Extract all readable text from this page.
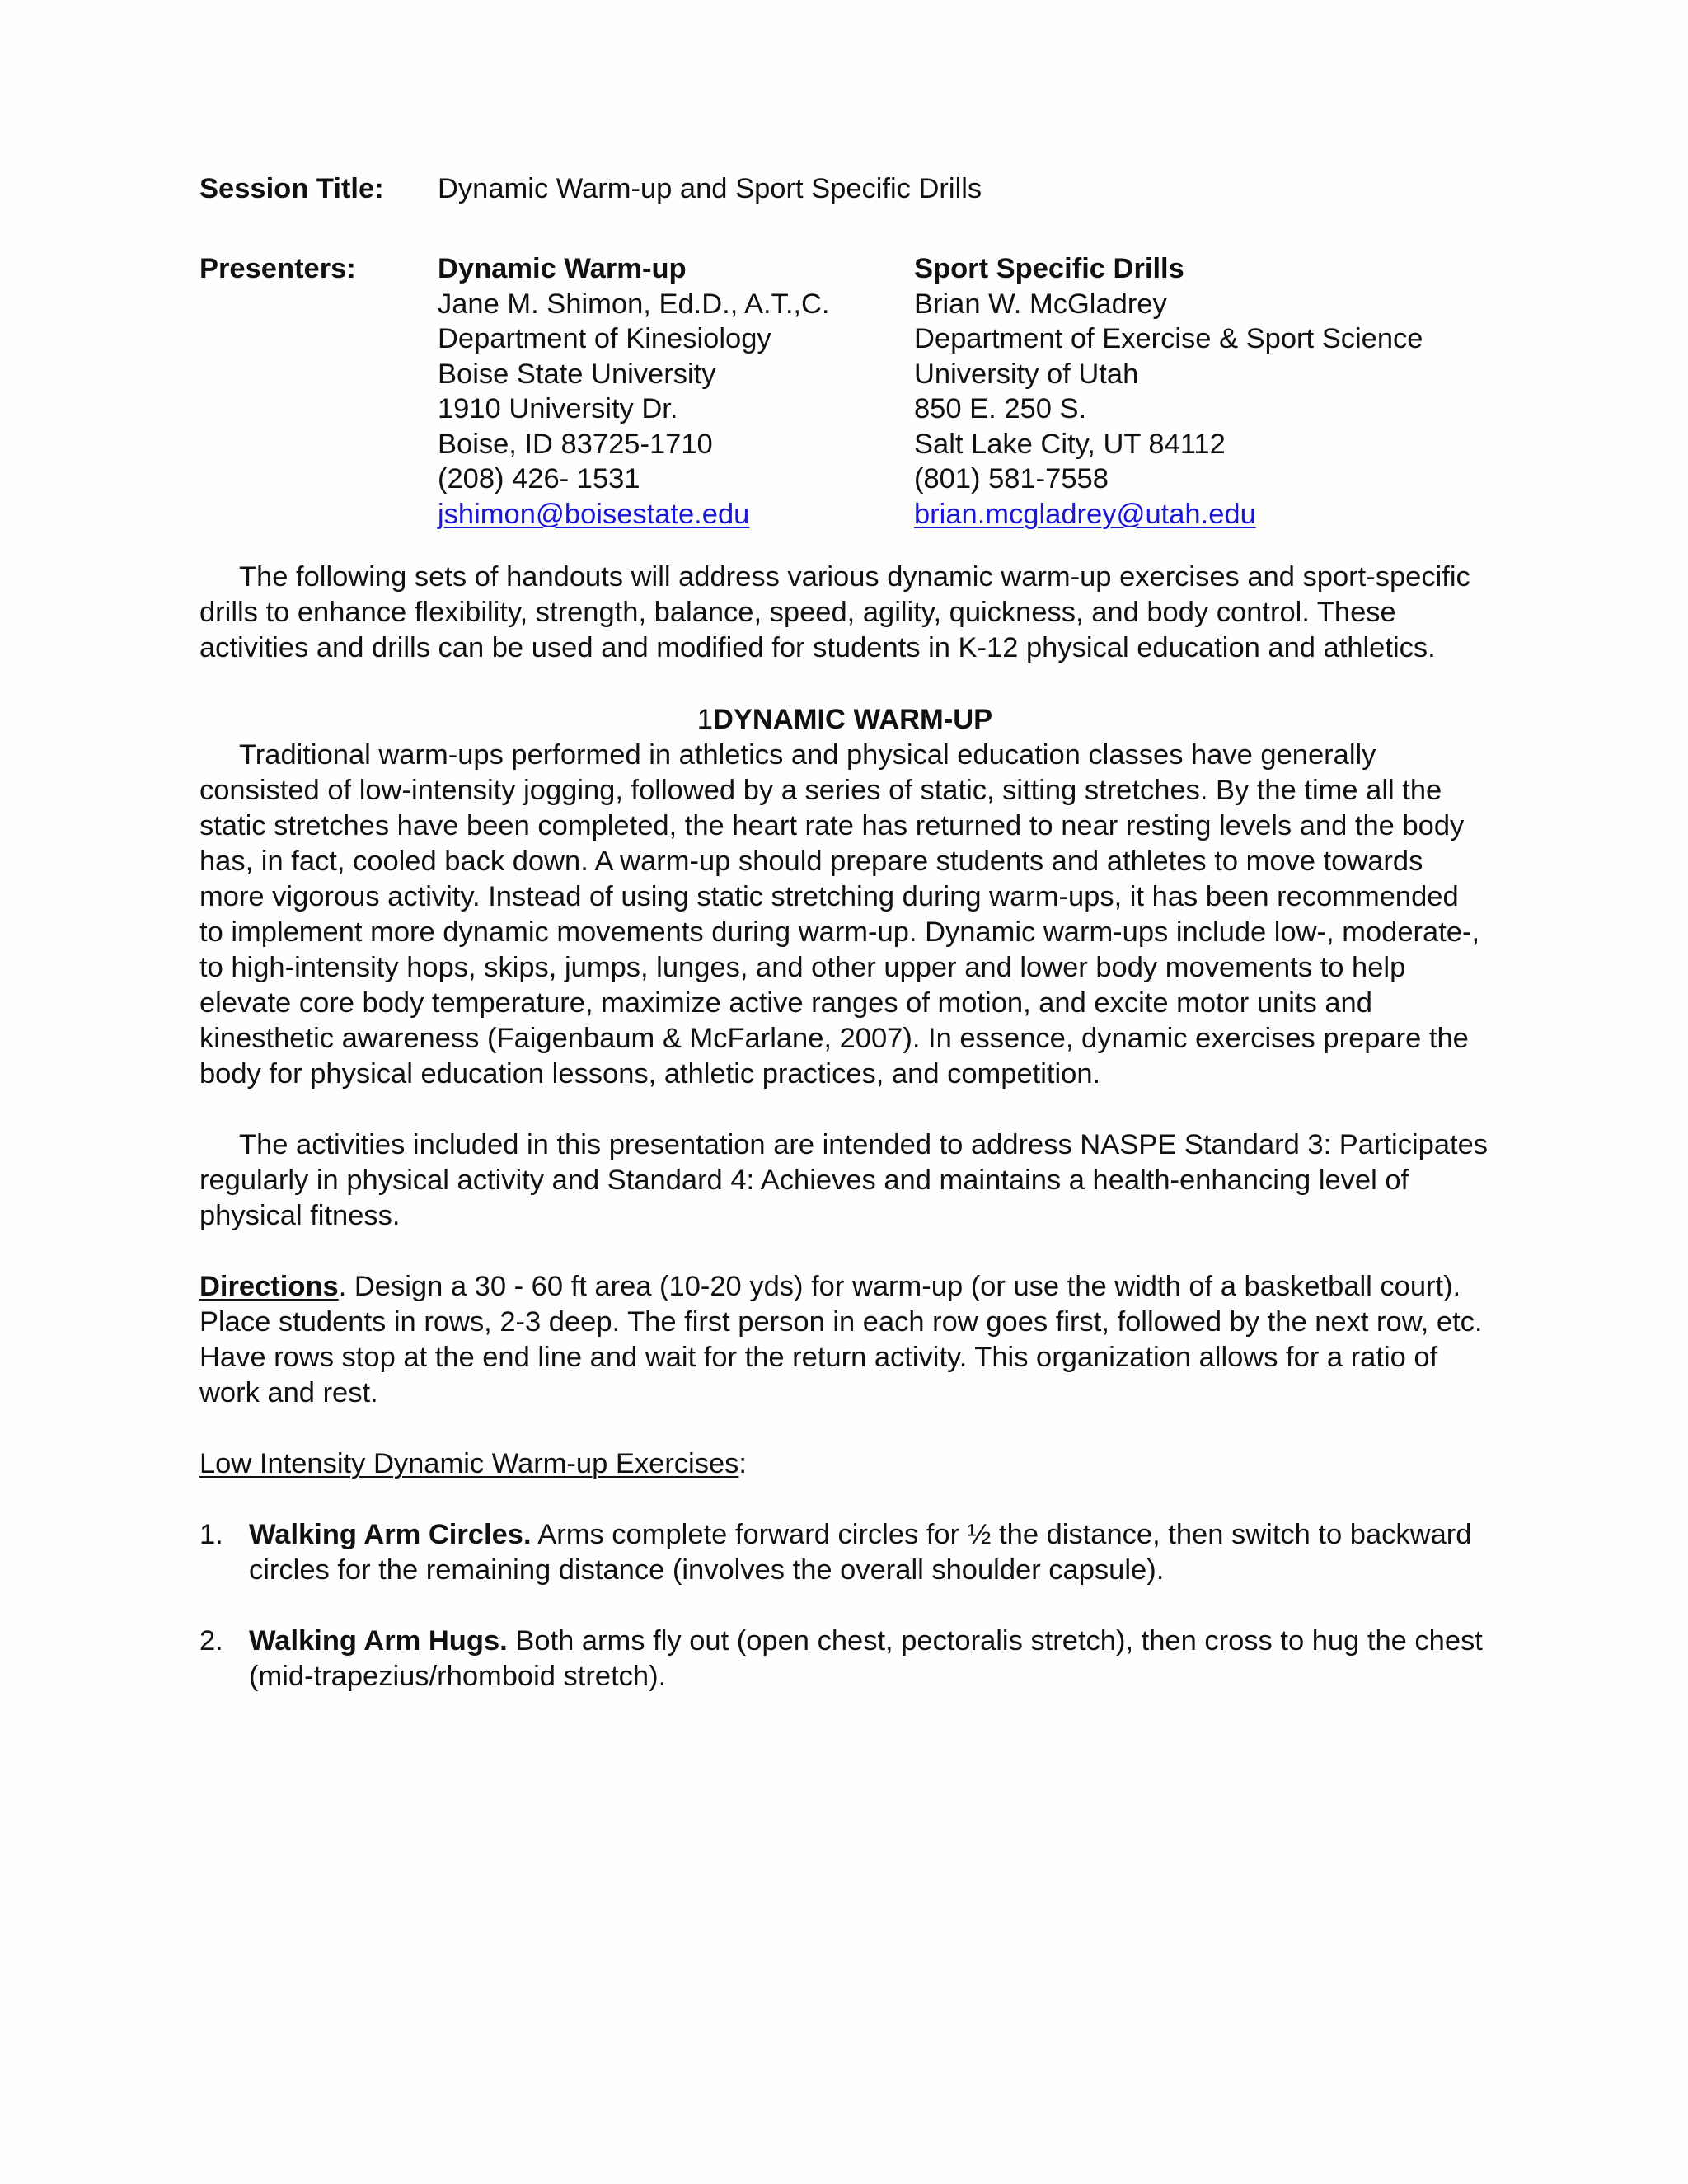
Session Title: Dynamic Warm-up and Sport Specific Drills
Presenters:	Dynamic Warm-up
Jane M. Shimon, Ed.D., A.T.,C.
Department of Kinesiology
Boise State University
1910 University Dr.
Boise, ID 83725-1710
(208) 426- 1531
jshimon@boisestate.edu
Sport Specific Drills
Brian W. McGladrey
Department of Exercise & Sport Science
University of Utah
850 E. 250 S.
Salt Lake City, UT 84112
(801) 581-7558
brian.mcgladrey@utah.edu

The following sets of handouts will address various dynamic warm-up exercises and sport-specific drills to enhance flexibility, strength, balance, speed, agility, quickness, and body control. These activities and drills can be used and modified for students in K-12 physical education and athletics.

1DYNAMIC WARM-UP

Traditional warm-ups performed in athletics and physical education classes have generally consisted of low-intensity jogging, followed by a series of static, sitting stretches. By the time all the static stretches have been completed, the heart rate has returned to near resting levels and the body has, in fact, cooled back down. A warm-up should prepare students and athletes to move towards more vigorous activity. Instead of using static stretching during warm-ups, it has been recommended to implement more dynamic movements during warm-up. Dynamic warm-ups include low-, moderate-, to high-intensity hops, skips, jumps, lunges, and other upper and lower body movements to help elevate core body temperature, maximize active ranges of motion, and excite motor units and kinesthetic awareness (Faigenbaum & McFarlane, 2007). In essence, dynamic exercises prepare the body for physical education lessons, athletic practices, and competition.

The activities included in this presentation are intended to address NASPE Standard 3: Participates regularly in physical activity and Standard 4: Achieves and maintains a health-enhancing level of physical fitness.

Directions. Design a 30 - 60 ft area (10-20 yds) for warm-up (or use the width of a basketball court). Place students in rows, 2-3 deep. The first person in each row goes first, followed by the next row, etc. Have rows stop at the end line and wait for the return activity. This organization allows for a ratio of work and rest.

Low Intensity Dynamic Warm-up Exercises:

1. Walking Arm Circles. Arms complete forward circles for ½ the distance, then switch to backward circles for the remaining distance (involves the overall shoulder capsule).
2. Walking Arm Hugs. Both arms fly out (open chest, pectoralis stretch), then cross to hug the chest (mid-trapezius/rhomboid stretch).
